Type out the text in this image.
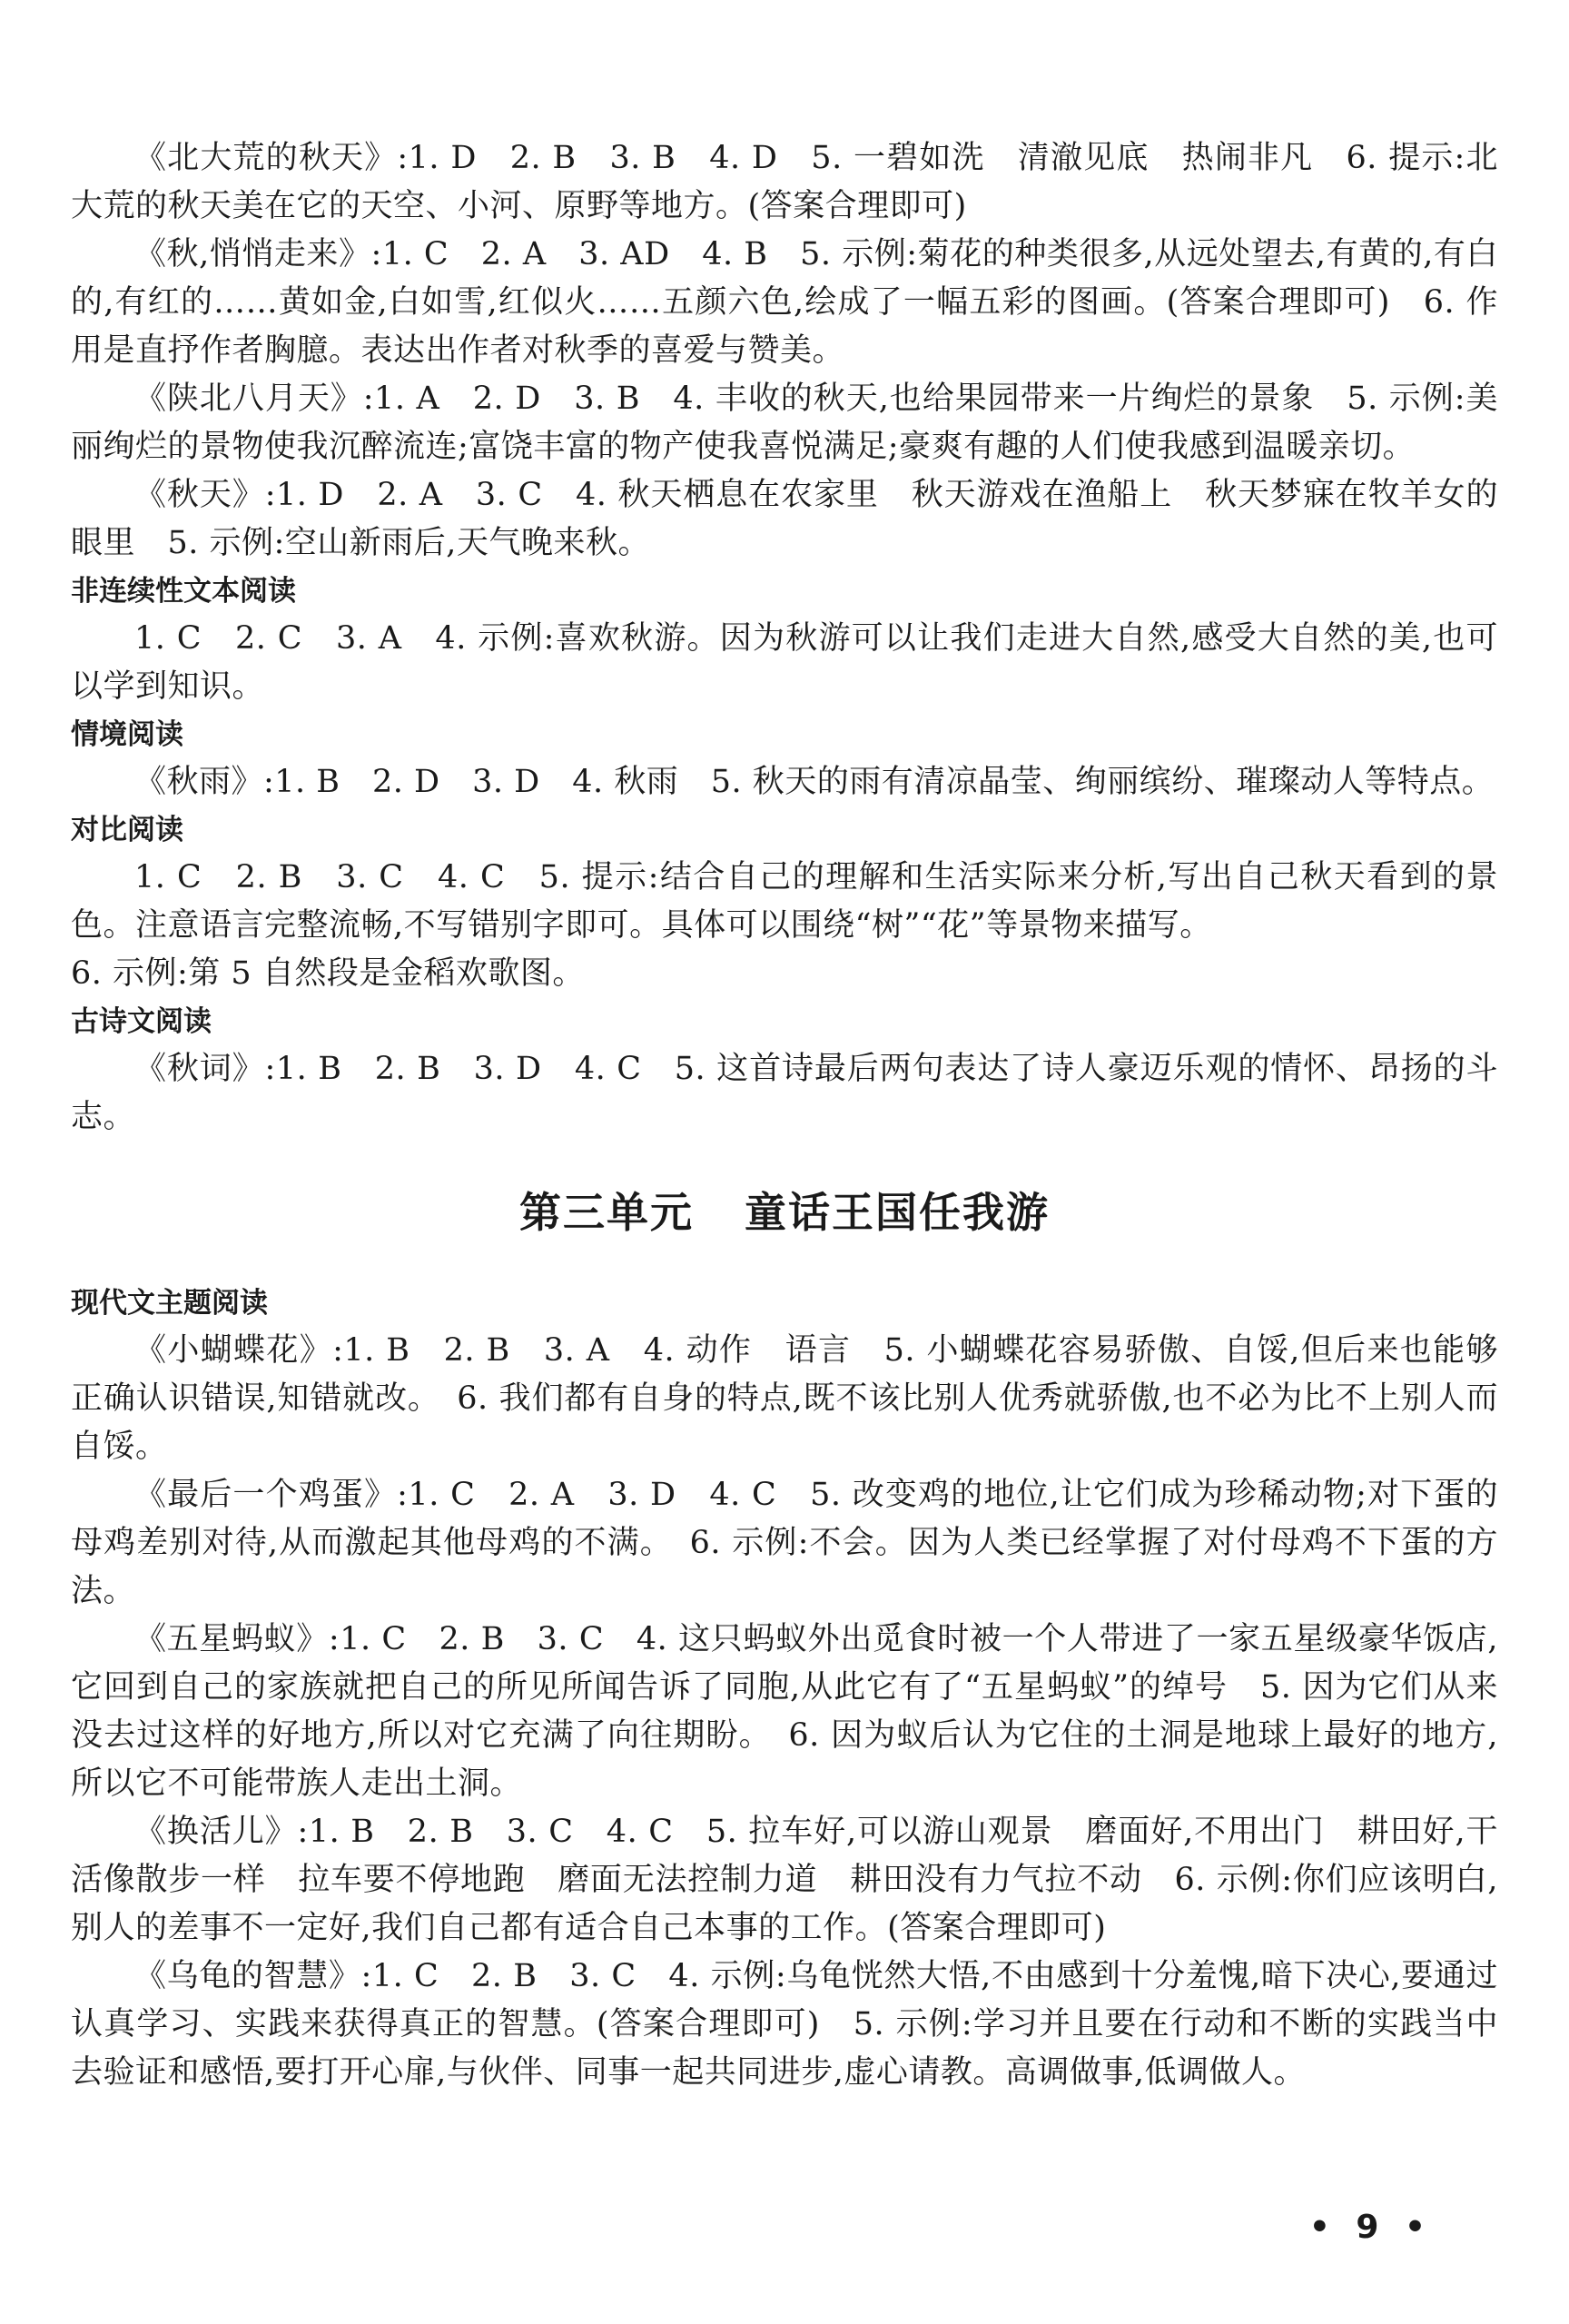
《北大荒的秋天》:1. D　2. B　3. B　4. D　5. 一碧如洗　清澈见底　热闹非凡　6. 提示:北大荒的秋天美在它的天空、小河、原野等地方。(答案合理即可)

《秋,悄悄走来》:1. C　2. A　3. AD　4. B　5. 示例:菊花的种类很多,从远处望去,有黄的,有白的,有红的……黄如金,白如雪,红似火……五颜六色,绘成了一幅五彩的图画。(答案合理即可)　6. 作用是直抒作者胸臆。表达出作者对秋季的喜爱与赞美。

《陕北八月天》:1. A　2. D　3. B　4. 丰收的秋天,也给果园带来一片绚烂的景象　5. 示例:美丽绚烂的景物使我沉醉流连;富饶丰富的物产使我喜悦满足;豪爽有趣的人们使我感到温暖亲切。

《秋天》:1. D　2. A　3. C　4. 秋天栖息在农家里　秋天游戏在渔船上　秋天梦寐在牧羊女的眼里　5. 示例:空山新雨后,天气晚来秋。

非连续性文本阅读

1. C　2. C　3. A　4. 示例:喜欢秋游。因为秋游可以让我们走进大自然,感受大自然的美,也可以学到知识。

情境阅读

《秋雨》:1. B　2. D　3. D　4. 秋雨　5. 秋天的雨有清凉晶莹、绚丽缤纷、璀璨动人等特点。

对比阅读

1. C　2. B　3. C　4. C　5. 提示:结合自己的理解和生活实际来分析,写出自己秋天看到的景色。注意语言完整流畅,不写错别字即可。具体可以围绕“树”“花”等景物来描写。

6. 示例:第 5 自然段是金稻欢歌图。

古诗文阅读

《秋词》:1. B　2. B　3. D　4. C　5. 这首诗最后两句表达了诗人豪迈乐观的情怀、昂扬的斗志。

第三单元 童话王国任我游
现代文主题阅读

《小蝴蝶花》:1. B　2. B　3. A　4. 动作　语言　5. 小蝴蝶花容易骄傲、自馁,但后来也能够正确认识错误,知错就改。　6. 我们都有自身的特点,既不该比别人优秀就骄傲,也不必为比不上别人而自馁。

《最后一个鸡蛋》:1. C　2. A　3. D　4. C　5. 改变鸡的地位,让它们成为珍稀动物;对下蛋的母鸡差别对待,从而激起其他母鸡的不满。　6. 示例:不会。因为人类已经掌握了对付母鸡不下蛋的方法。

《五星蚂蚁》:1. C　2. B　3. C　4. 这只蚂蚁外出觅食时被一个人带进了一家五星级豪华饭店,它回到自己的家族就把自己的所见所闻告诉了同胞,从此它有了“五星蚂蚁”的绰号　5. 因为它们从来没去过这样的好地方,所以对它充满了向往期盼。　6. 因为蚁后认为它住的土洞是地球上最好的地方,所以它不可能带族人走出土洞。

《换活儿》:1. B　2. B　3. C　4. C　5. 拉车好,可以游山观景　磨面好,不用出门　耕田好,干活像散步一样　拉车要不停地跑　磨面无法控制力道　耕田没有力气拉不动　6. 示例:你们应该明白,别人的差事不一定好,我们自己都有适合自己本事的工作。(答案合理即可)

《乌龟的智慧》:1. C　2. B　3. C　4. 示例:乌龟恍然大悟,不由感到十分羞愧,暗下决心,要通过认真学习、实践来获得真正的智慧。(答案合理即可)　5. 示例:学习并且要在行动和不断的实践当中去验证和感悟,要打开心扉,与伙伴、同事一起共同进步,虚心请教。高调做事,低调做人。

• 9 •
